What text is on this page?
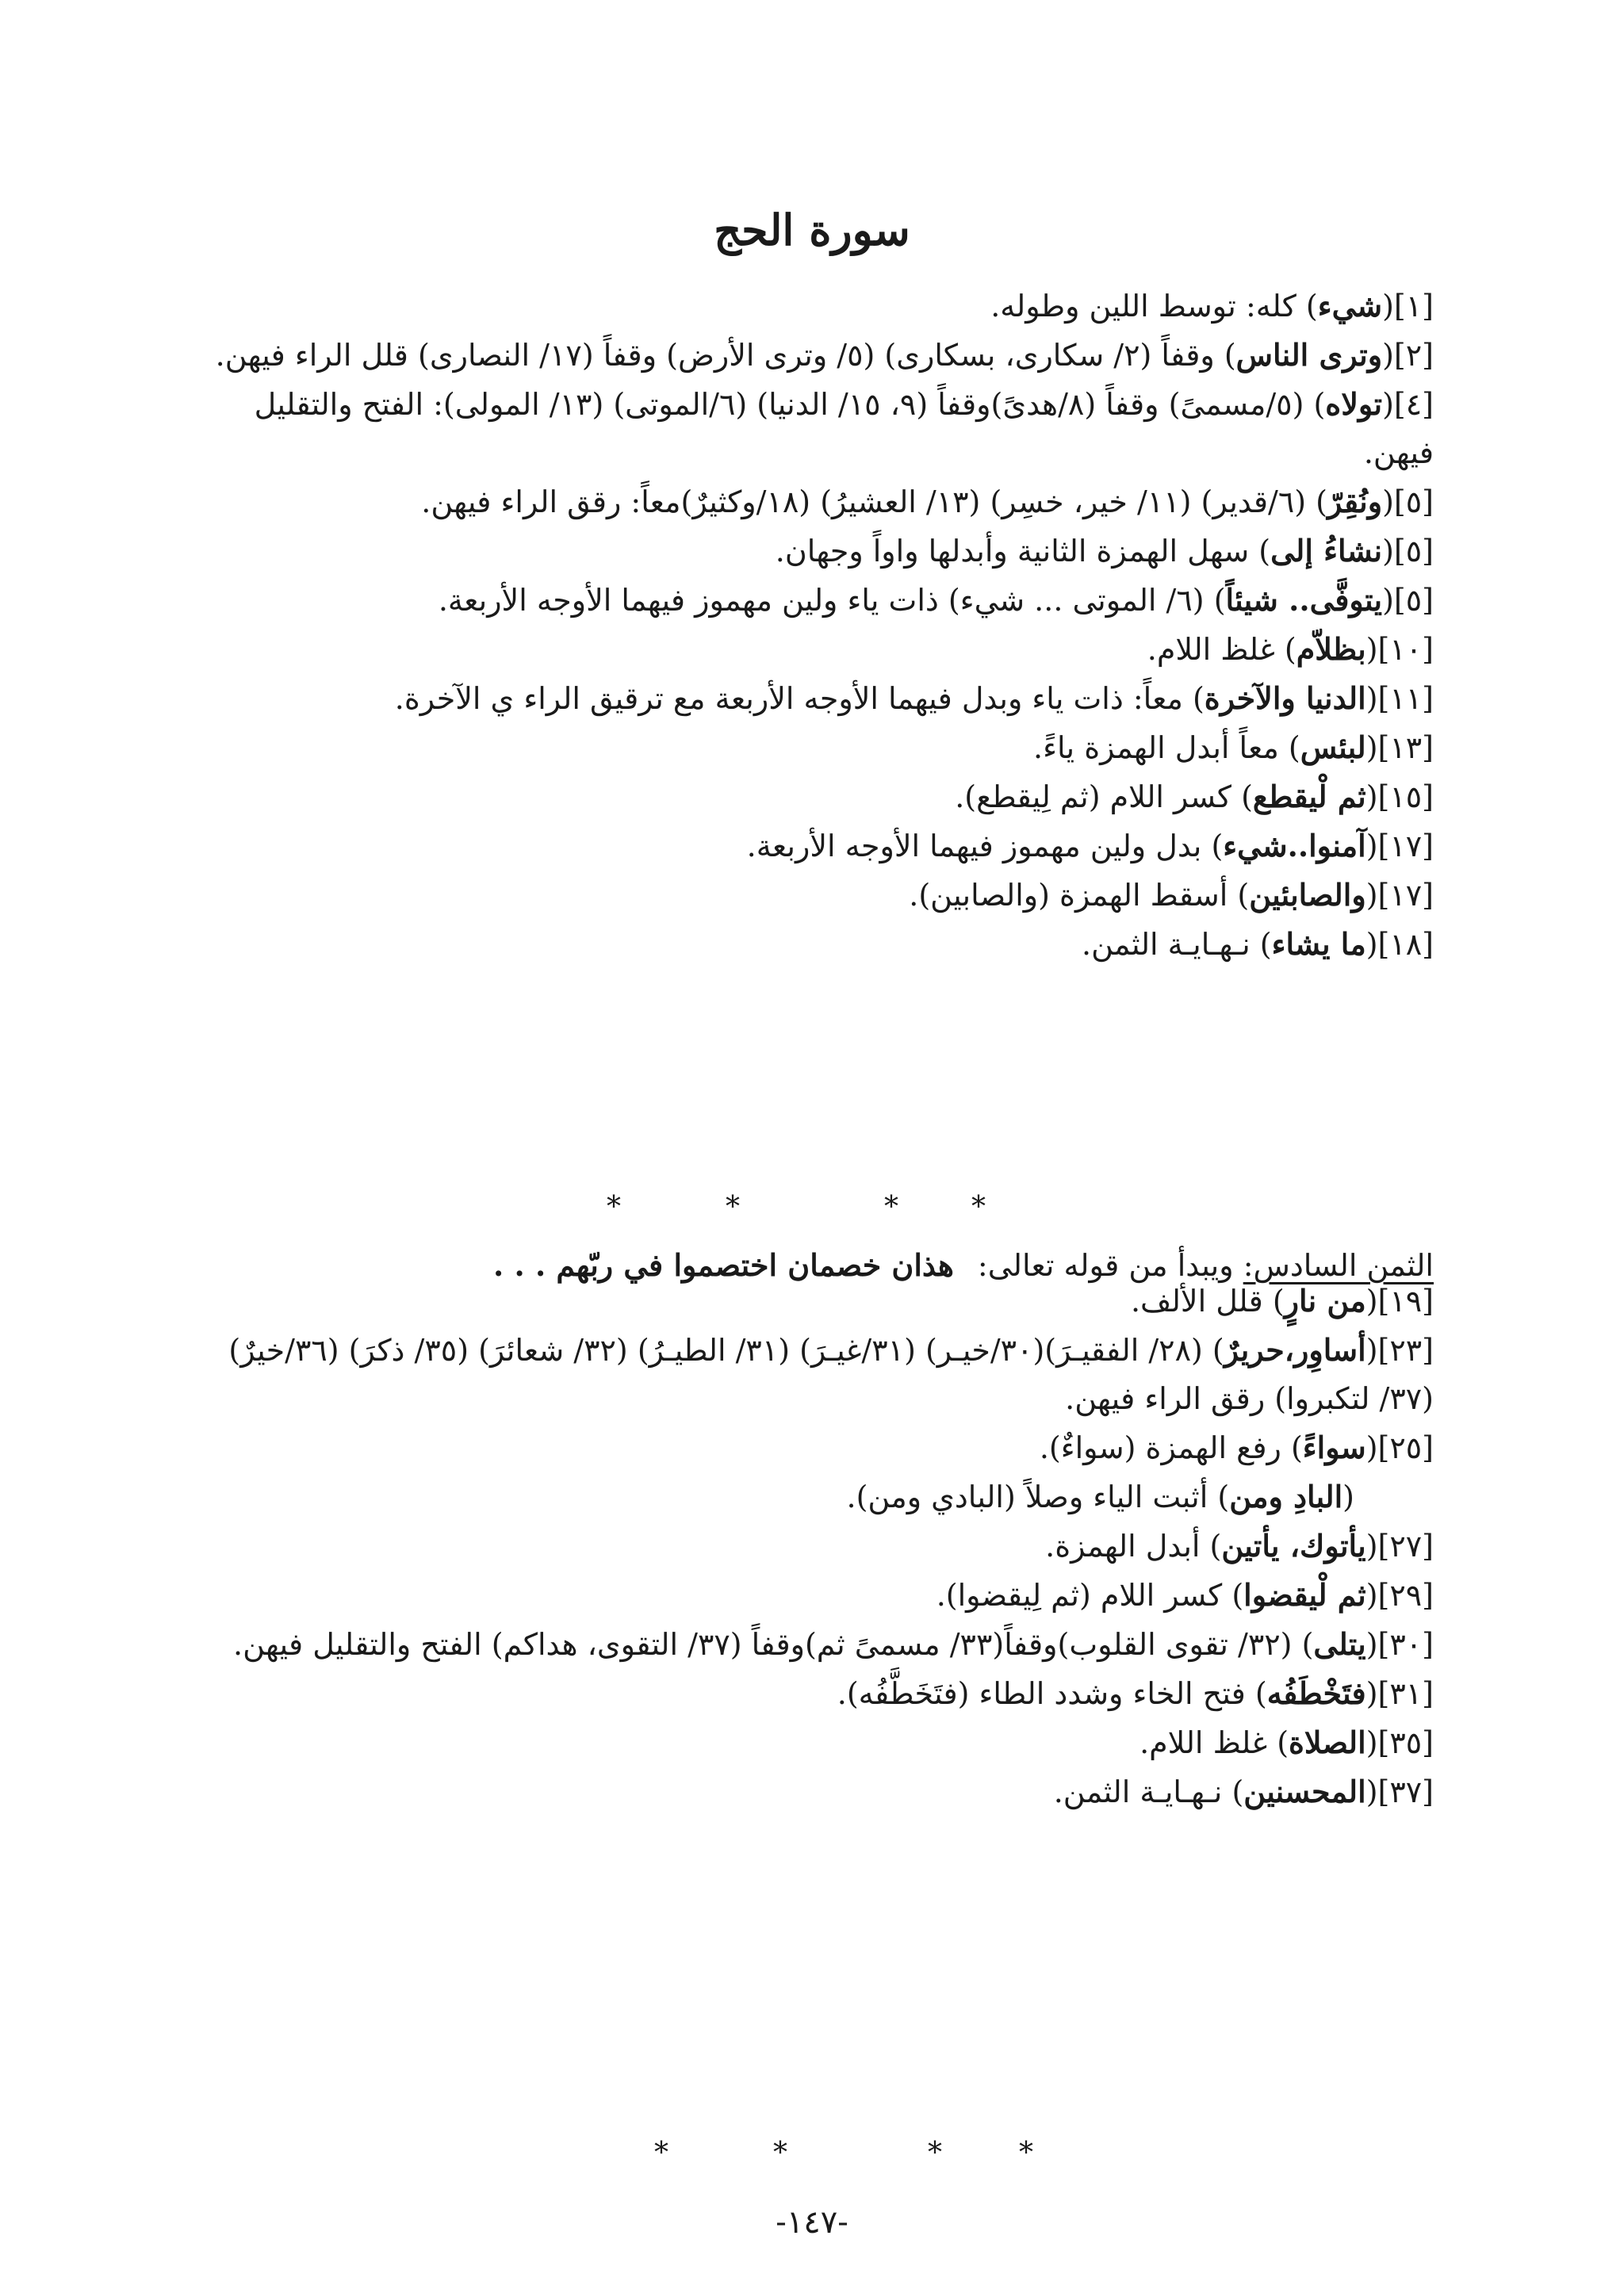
سورة الحج
[١](شيء) كله: توسط اللين وطوله.
[٢](وترى الناس) وقفاً (٢/ سكارى، بسكارى) (٥/ وترى الأرض) وقفاً (١٧/ النصارى) قلل الراء فيهن.
[٤](تولاه) (٥/مسمىً) وقفاً (٨/هدىً)وقفاً (٩، ١٥/ الدنيا) (٦/الموتى) (١٣/ المولى): الفتح والتقليل فيهن.
[٥](ونُقِرّ) (٦/قدير) (١١/ خير، خسِر) (١٣/ العشيرُ) (١٨/وكثيرٌ)معاً: رقق الراء فيهن.
[٥](نشاءُ إلى) سهل الهمزة الثانية وأبدلها واواً وجهان.
[٥](يتوفَّى.. شيئاً) (٦/ الموتى ... شيء) ذات ياء ولين مهموز فيهما الأوجه الأربعة.
[١٠](بظلاّم) غلظ اللام.
[١١](الدنيا والآخرة) معاً: ذات ياء وبدل فيهما الأوجه الأربعة مع ترقيق الراء ي الآخرة.
[١٣](لبئس) معاً أبدل الهمزة ياءً.
[١٥](ثم لْيقطع) كسر اللام (ثم لِيقطع).
[١٧](آمنوا..شيء) بدل ولين مهموز فيهما الأوجه الأربعة.
[١٧](والصابئين) أسقط الهمزة (والصابين).
[١٨](ما يشاء) نـهـايـة الثمن.
*	*	*	*
الثمن السادس: ويبدأ من قوله تعالى:هذان خصمان اختصموا في ربّهم . . .
[١٩](من نارٍ) قلل الألف.
[٢٣](أساوِر،حريرٌ) (٢٨/ الفقيـرَ)(٣٠/خيـر) (٣١/غيـرَ) (٣١/ الطيـرُ) (٣٢/ شعائرَ) (٣٥/ ذكرَ) (٣٦/خيرٌ) (٣٧/ لتكبروا) رقق الراء فيهن.
[٢٥](سواءً) رفع الهمزة (سواءٌ).
(البادِ ومن) أثبت الياء وصلاً (البادي ومن).
[٢٧](يأتوك، يأتين) أبدل الهمزة.
[٢٩](ثم لْيقضوا) كسر اللام (ثم لِيقضوا).
[٣٠](يتلى) (٣٢/ تقوى القلوب)وقفاً(٣٣/ مسمىً ثم)وقفاً (٣٧/ التقوى، هداكم) الفتح والتقليل فيهن.
[٣١](فتَخْطَفُه) فتح الخاء وشدد الطاء (فتَخَطَّفُه).
[٣٥](الصلاة) غلظ اللام.
[٣٧](المحسنين) نـهـايـة الثمن.
*	*	*	*
-١٤٧-
